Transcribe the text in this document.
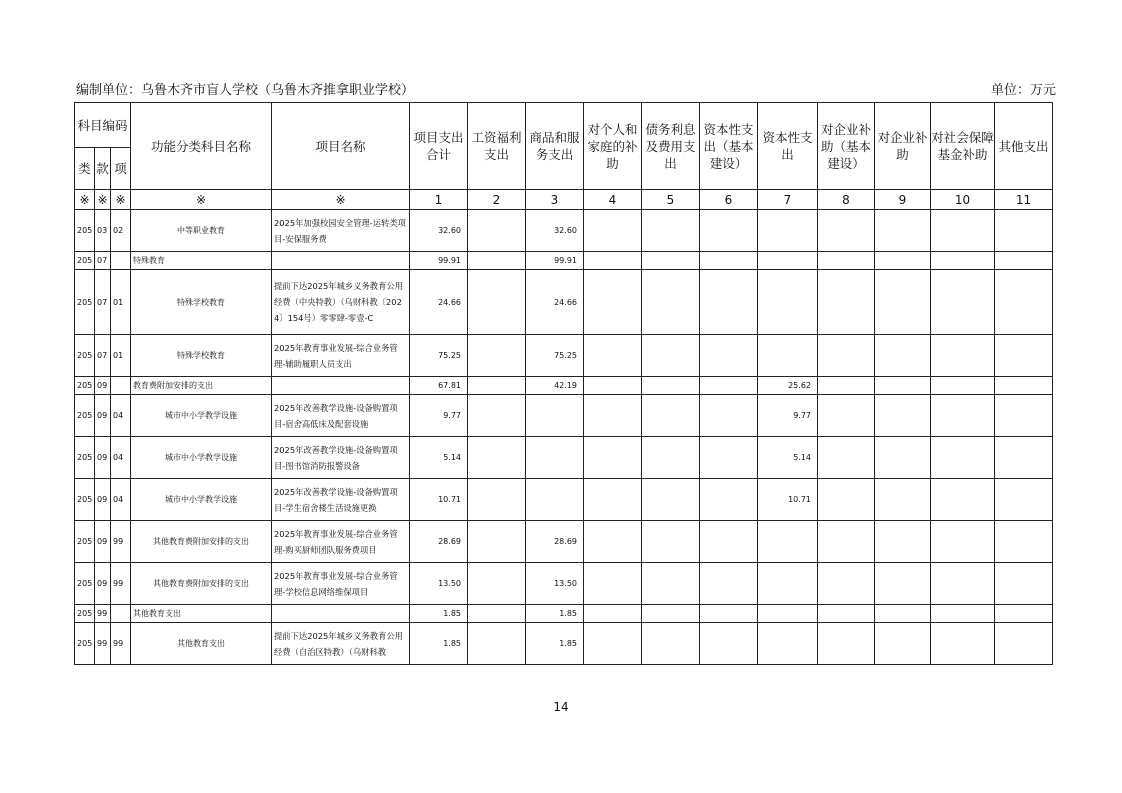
编制单位：乌鲁木齐市盲人学校（乌鲁木齐推拿职业学校）	单位：万元
科目编码			功能分类科目名称	项目名称	项目支出合计	工资福利支出	商品和服务支出	对个人和家庭的补助	债务利息及费用支出	资本性支出（基本建设）	资本性支出	对企业补助（基本建设）	对企业补助	对社会保障基金补助	其他支出
类	款	项													
※	※	※	※	※	1	2	3	4	5	6	7	8	9	10	11
205	03	02	中等职业教育	2025年加强校园安全管理-运转类项目-安保服务费	32.60		32.60								
205	07		特殊教育		99.91		99.91								
205	07	01	特殊学校教育	提前下达2025年城乡义务教育公用经费（中央特教）（乌财科教〔2024〕154号）零零肆-零壹-C	24.66		24.66								
205	07	01	特殊学校教育	2025年教育事业发展-综合业务管理-辅助履职人员支出	75.25		75.25								
205	09		教育费附加安排的支出		67.81		42.19				25.62				
205	09	04	城市中小学教学设施	2025年改善教学设施-设备购置项目-宿舍高低床及配套设施	9.77						9.77				
205	09	04	城市中小学教学设施	2025年改善教学设施-设备购置项目-图书馆消防报警设备	5.14						5.14				
205	09	04	城市中小学教学设施	2025年改善教学设施-设备购置项目-学生宿舍楼生活设施更换	10.71						10.71				
205	09	99	其他教育费附加安排的支出	2025年教育事业发展-综合业务管理-购买厨师团队服务费项目	28.69		28.69								
205	09	99	其他教育费附加安排的支出	2025年教育事业发展-综合业务管理-学校信息网络维保项目	13.50		13.50								
205	99		其他教育支出		1.85		1.85								
205	99	99	其他教育支出	提前下达2025年城乡义务教育公用经费（自治区特教）（乌财科教	1.85		1.85								
14
